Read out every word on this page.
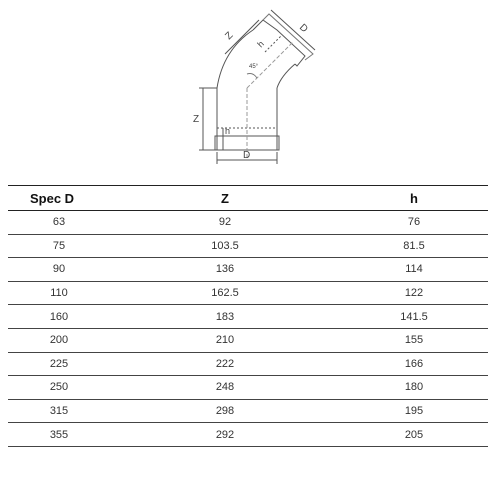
Z
h
D
45°
Z
h
D
Spec D	Z	h
63	92	76
75	103.5	81.5
90	136	114
110	162.5	122
160	183	141.5
200	210	155
225	222	166
250	248	180
315	298	195
355	292	205
